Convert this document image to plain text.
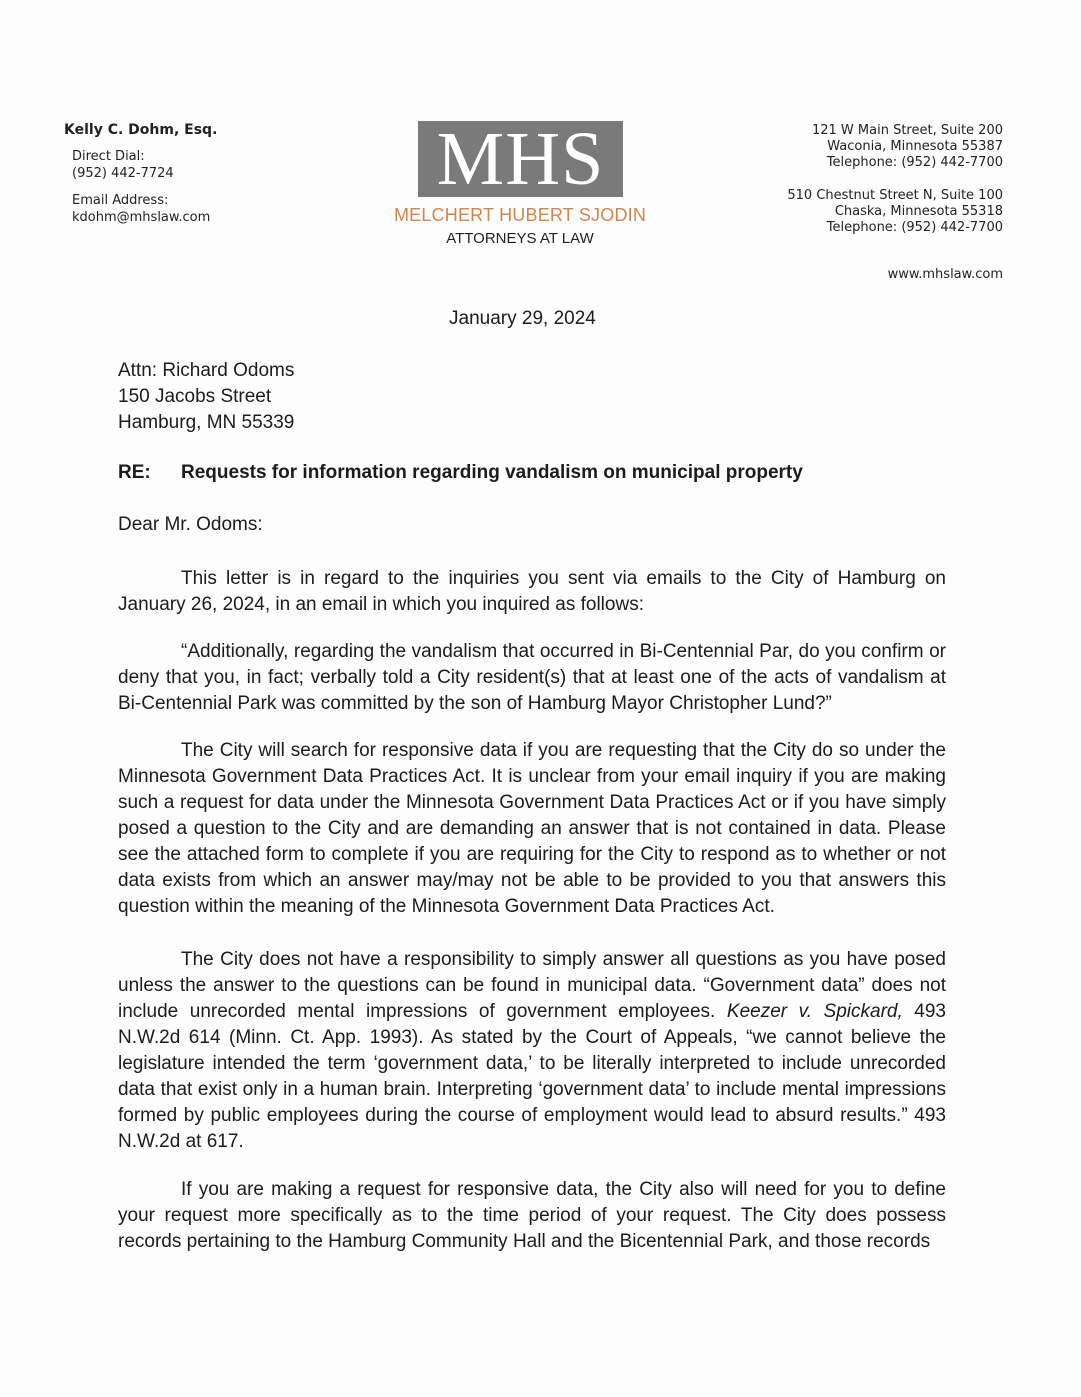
Kelly C. Dohm, Esq.
Direct Dial:
(952) 442-7724
Email Address:
kdohm@mhslaw.com
MHS
MELCHERT HUBERT SJODIN
ATTORNEYS AT LAW
121 W Main Street, Suite 200
Waconia, Minnesota 55387
Telephone: (952) 442-7700
510 Chestnut Street N, Suite 100
Chaska, Minnesota 55318
Telephone: (952) 442-7700
www.mhslaw.com
January 29, 2024
Attn: Richard Odoms
150 Jacobs Street
Hamburg, MN 55339
RE: Requests for information regarding vandalism on municipal property
Dear Mr. Odoms:

This letter is in regard to the inquiries you sent via emails to the City of Hamburg on January 26, 2024, in an email in which you inquired as follows:

“Additionally, regarding the vandalism that occurred in Bi-Centennial Par, do you confirm or deny that you, in fact; verbally told a City resident(s) that at least one of the acts of vandalism at Bi-Centennial Park was committed by the son of Hamburg Mayor Christopher Lund?”

The City will search for responsive data if you are requesting that the City do so under the Minnesota Government Data Practices Act. It is unclear from your email inquiry if you are making such a request for data under the Minnesota Government Data Practices Act or if you have simply posed a question to the City and are demanding an answer that is not contained in data. Please see the attached form to complete if you are requiring for the City to respond as to whether or not data exists from which an answer may/may not be able to be provided to you that answers this question within the meaning of the Minnesota Government Data Practices Act.

The City does not have a responsibility to simply answer all questions as you have posed unless the answer to the questions can be found in municipal data. “Government data” does not include unrecorded mental impressions of government employees. Keezer v. Spickard, 493 N.W.2d 614 (Minn. Ct. App. 1993). As stated by the Court of Appeals, “we cannot believe the legislature intended the term ‘government data,’ to be literally interpreted to include unrecorded data that exist only in a human brain. Interpreting ‘government data’ to include mental impressions formed by public employees during the course of employment would lead to absurd results.” 493 N.W.2d at 617.

If you are making a request for responsive data, the City also will need for you to define your request more specifically as to the time period of your request. The City does possess records pertaining to the Hamburg Community Hall and the Bicentennial Park, and those records
